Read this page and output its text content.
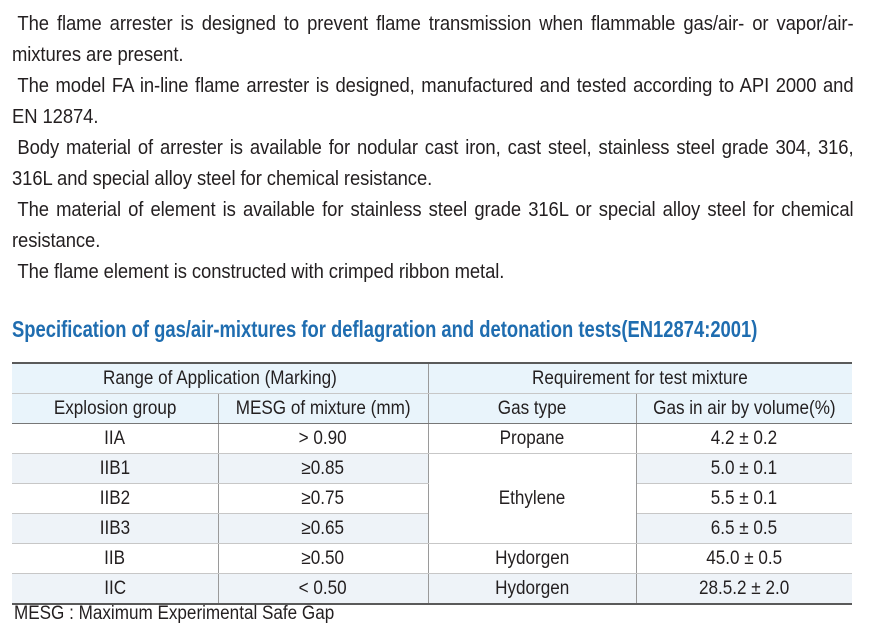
The flame arrester is designed to prevent flame transmission when flammable gas/air- or vapor/air-mixtures are present.

The model FA in-line flame arrester is designed, manufactured and tested according to API 2000 and EN 12874.

Body material of arrester is available for nodular cast iron, cast steel, stainless steel grade 304, 316, 316L and special alloy steel for chemical resistance.

The material of element is available for stainless steel grade 316L or special alloy steel for chemical resistance.

The flame element is constructed with crimped ribbon metal.

Specification of gas/air-mixtures for deflagration and detonation tests(EN12874:2001)
Range of Application (Marking)		Requirement for test mixture	
Explosion group	MESG of mixture (mm)	Gas type	Gas in air by volume(%)
IIA	> 0.90	Propane	4.2 ± 0.2
IIB1	≥0.85	Ethylene	5.0 ± 0.1
IIB2	≥0.75		5.5 ± 0.1
IIB3	≥0.65		6.5 ± 0.5
IIB	≥0.50	Hydorgen	45.0 ± 0.5
IIC	< 0.50	Hydorgen	28.5.2 ± 2.0

MESG : Maximum Experimental Safe Gap
